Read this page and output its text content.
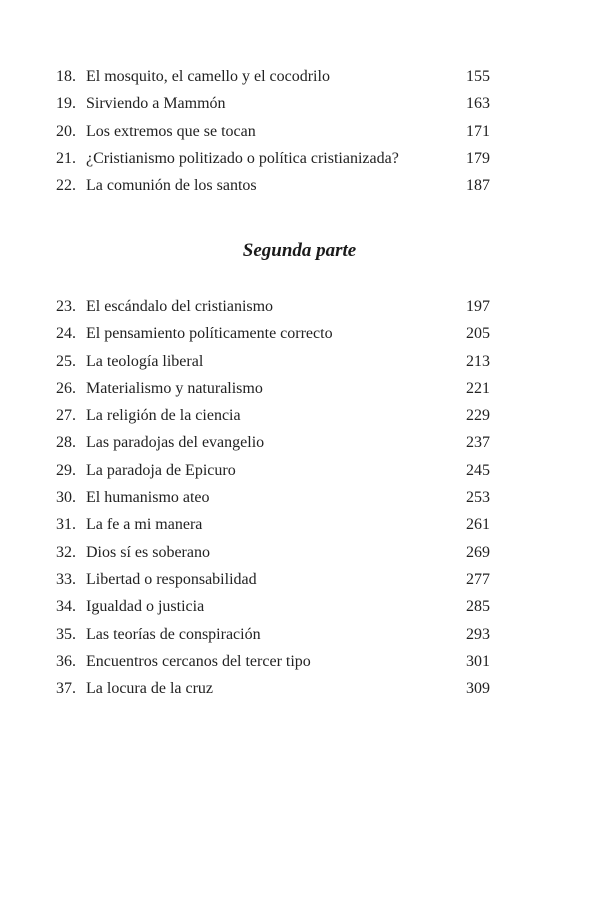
18. El mosquito, el camello y el cocodrilo	155
19. Sirviendo a Mammón	163
20. Los extremos que se tocan	171
21. ¿Cristianismo politizado o política cristianizada?	179
22. La comunión de los santos	187
Segunda parte
23. El escándalo del cristianismo	197
24. El pensamiento políticamente correcto	205
25. La teología liberal	213
26. Materialismo y naturalismo	221
27. La religión de la ciencia	229
28. Las paradojas del evangelio	237
29. La paradoja de Epicuro	245
30. El humanismo ateo	253
31. La fe a mi manera	261
32. Dios sí es soberano	269
33. Libertad o responsabilidad	277
34. Igualdad o justicia	285
35. Las teorías de conspiración	293
36. Encuentros cercanos del tercer tipo	301
37. La locura de la cruz	309
